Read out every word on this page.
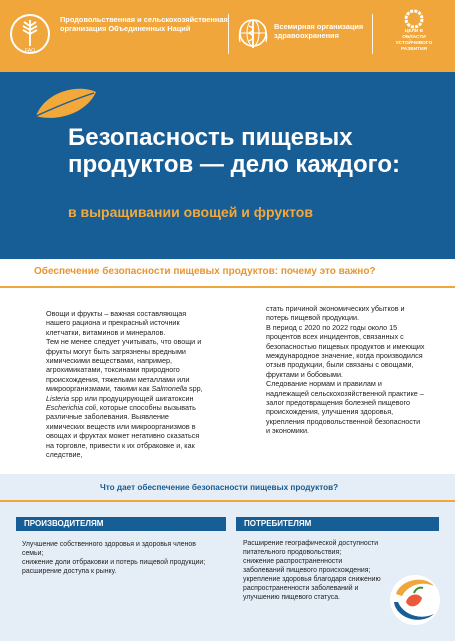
FAO
Продовольственная и сельскохозяйственная организация Объединенных Наций	Всемирная организация здравоохранения	ЦЕЛИ В ОБЛАСТИ УСТОЙЧИВОГО РАЗВИТИЯ
Безопасность пищевых продуктов — дело каждого:
в выращивании овощей и фруктов
Обеспечение безопасности пищевых продуктов: почему это важно?

Овощи и фрукты – важная составляющая нашего рациона и прекрасный источник клетчатки, витаминов и минералов.

Тем не менее следует учитывать, что овощи и фрукты могут быть загрязнены вредными химическими веществами, например, агрохимикатами, токсинами природного происхождения, тяжелыми металлами или микроорганизмами, такими как Salmonella spp, Listeria spp или продуцирующей шигатоксин Escherichia coli, которые способны вызывать различные заболевания. Выявление химических веществ или микроорганизмов в овощах и фруктах может негативно сказаться на торговле, привести к их отбраковке и, как следствие,

стать причиной экономических убытков и потерь пищевой продукции.

В период с 2020 по 2022 годы около 15 процентов всех инцидентов, связанных с безопасностью пищевых продуктов и имеющих международное значение, когда производился отзыв продукции, были связаны с овощами, фруктами и бобовыми.

Следование нормам и правилам и надлежащей сельскохозяйственной практике – залог предотвращения болезней пищевого происхождения, улучшения здоровья, укрепления продовольственной безопасности и экономики.

Что дает обеспечение безопасности пищевых продуктов?
ПРОИЗВОДИТЕЛЯМ
Улучшение собственного здоровья и здоровья членов семьи;
снижение доли отбраковки и потерь пищевой продукции;
расширение доступа к рынку.
ПОТРЕБИТЕЛЯМ
Расширение географической доступности питательного продовольствия;
снижение распространенности заболеваний пищевого происхождения;
укрепление здоровья благодаря снижению распространенности заболеваний и улучшению пищевого статуса.
